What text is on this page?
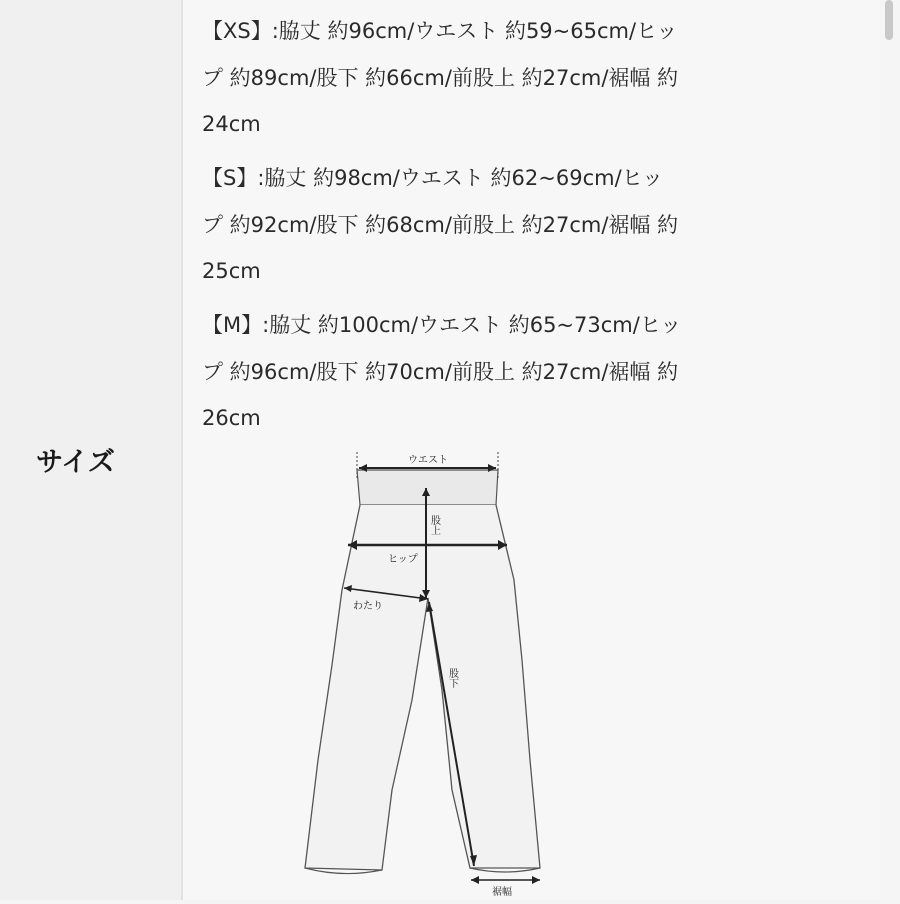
サイズ
【XS】:脇丈 約96cm/ウエスト 約59~65cm/ヒッ
プ 約89cm/股下 約66cm/前股上 約27cm/裾幅 約
24cm
【S】:脇丈 約98cm/ウエスト 約62~69cm/ヒッ
プ 約92cm/股下 約68cm/前股上 約27cm/裾幅 約
25cm
【M】:脇丈 約100cm/ウエスト 約65~73cm/ヒッ
プ 約96cm/股下 約70cm/前股上 約27cm/裾幅 約
26cm
ウエスト
股上
ヒップ
わたり
股下
裾幅
